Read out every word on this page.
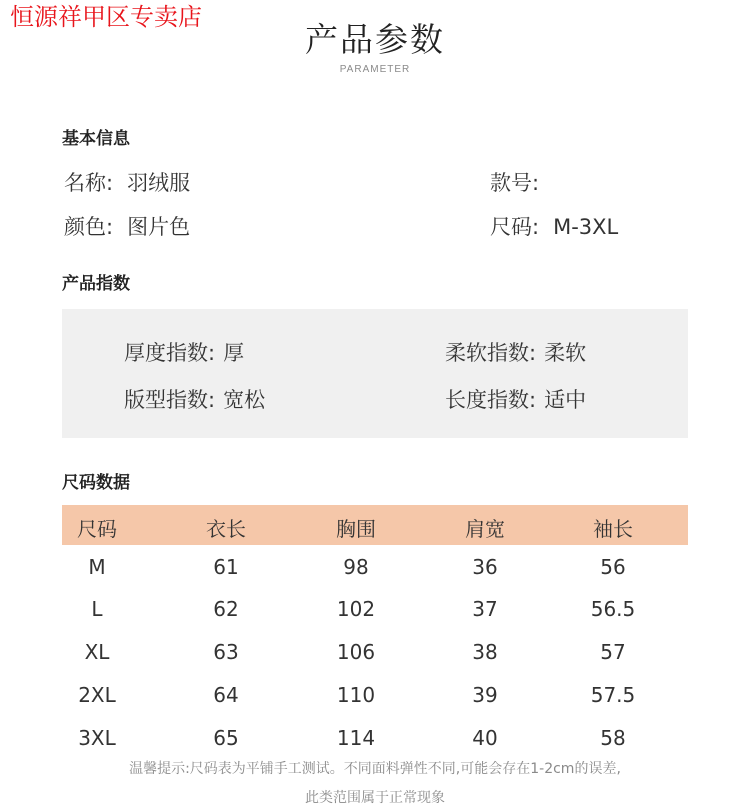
恒源祥甲区专卖店
产品参数
PARAMETER
基本信息
名称: 羽绒服	款号:
颜色: 图片色	尺码: M-3XL
产品指数
厚度指数: 厚	柔软指数: 柔软
版型指数: 宽松	长度指数: 适中
尺码数据
尺码	衣长	胸围	肩宽	袖长
M	61	98	36	56
L	62	102	37	56.5
XL	63	106	38	57
2XL	64	110	39	57.5
3XL	65	114	40	58
温馨提示:尺码表为平铺手工测试。不同面料弹性不同,可能会存在1-2cm的误差,
此类范围属于正常现象
